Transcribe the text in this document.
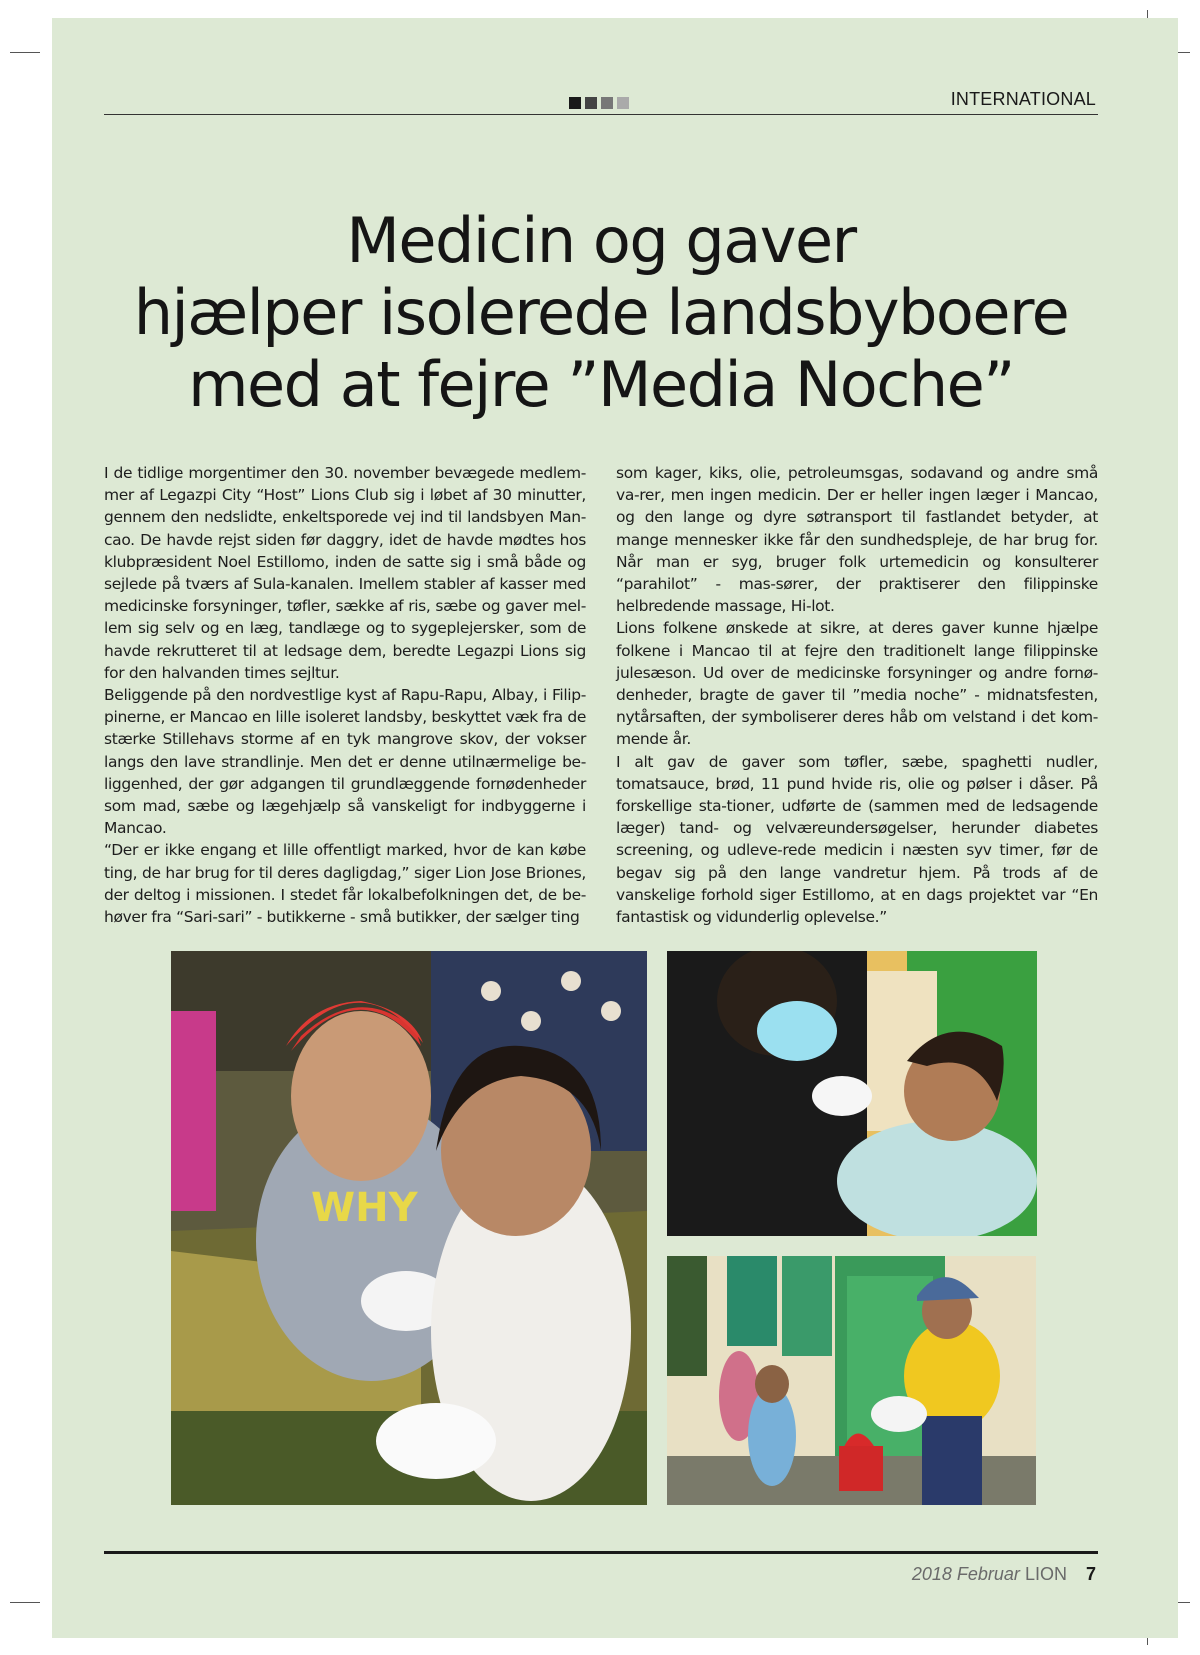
INTERNATIONAL
Medicin og gaver
hjælper isolerede landsbyboere
med at fejre ”Media Noche”

I de tidlige morgentimer den 30. november bevægede medlem-mer af Legazpi City “Host” Lions Club sig i løbet af 30 minutter, gennem den nedslidte, enkeltsporede vej ind til landsbyen Man-cao. De havde rejst siden før daggry, idet de havde mødtes hos klubpræsident Noel Estillomo, inden de satte sig i små både og sejlede på tværs af Sula-kanalen. Imellem stabler af kasser med medicinske forsyninger, tøfler, sække af ris, sæbe og gaver mel-lem sig selv og en læg, tandlæge og to sygeplejersker, som de havde rekrutteret til at ledsage dem, beredte Legazpi Lions sig for den halvanden times sejltur.

Beliggende på den nordvestlige kyst af Rapu-Rapu, Albay, i Filip-pinerne, er Mancao en lille isoleret landsby, beskyttet væk fra de stærke Stillehavs storme af en tyk mangrove skov, der vokser langs den lave strandlinje. Men det er denne utilnærmelige be-liggenhed, der gør adgangen til grundlæggende fornødenheder som mad, sæbe og lægehjælp så vanskeligt for indbyggerne i Mancao.

“Der er ikke engang et lille offentligt marked, hvor de kan købe ting, de har brug for til deres dagligdag,” siger Lion Jose Briones, der deltog i missionen. I stedet får lokalbefolkningen det, de be-høver fra “Sari-sari” - butikkerne - små butikker, der sælger ting

som kager, kiks, olie, petroleumsgas, sodavand og andre små va-rer, men ingen medicin. Der er heller ingen læger i Mancao, og den lange og dyre søtransport til fastlandet betyder, at mange mennesker ikke får den sundhedspleje, de har brug for. Når man er syg, bruger folk urtemedicin og konsulterer “parahilot” - mas-sører, der praktiserer den filippinske helbredende massage, Hi-lot.

Lions folkene ønskede at sikre, at deres gaver kunne hjælpe folkene i Mancao til at fejre den traditionelt lange filippinske julesæson. Ud over de medicinske forsyninger og andre fornø-denheder, bragte de gaver til ”media noche” - midnatsfesten, nytårsaften, der symboliserer deres håb om velstand i det kom-mende år.

I alt gav de gaver som tøfler, sæbe, spaghetti nudler, tomatsauce, brød, 11 pund hvide ris, olie og pølser i dåser. På forskellige sta-tioner, udførte de (sammen med de ledsagende læger) tand- og velværeundersøgelser, herunder diabetes screening, og udleve-rede medicin i næsten syv timer, før de begav sig på den lange vandretur hjem. På trods af de vanskelige forhold siger Estillomo, at en dags projektet var “En fantastisk og vidunderlig oplevelse.”

WHY
2018 Februar LION 7
